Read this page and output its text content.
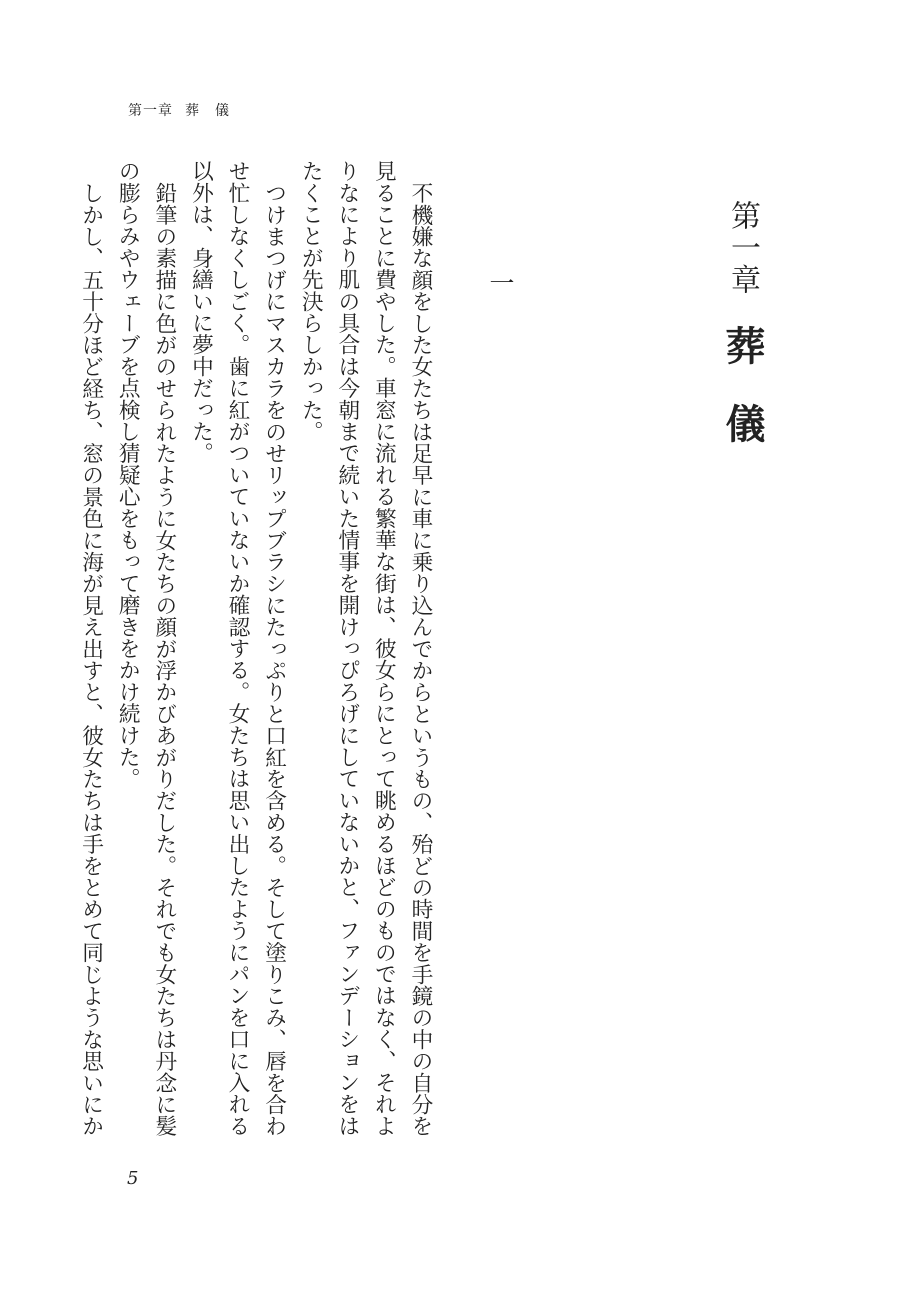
第一章 葬　儀
第一章
葬儀
一

不機嫌な顔をした女たちは足早に車に乗り込んでからというもの、殆どの時間を手鏡の中の自分を見ることに費やした。車窓に流れる繁華な街は、彼女らにとって眺めるほどのものではなく、それよりなにより肌の具合は今朝まで続いた情事を開けっぴろげにしていないかと、ファンデーションをはたくことが先決らしかった。

つけまつげにマスカラをのせリップブラシにたっぷりと口紅を含める。そして塗りこみ、唇を合わせ忙しなくしごく。歯に紅がついていないか確認する。女たちは思い出したようにパンを口に入れる以外は、身繕いに夢中だった。

鉛筆の素描に色がのせられたように女たちの顔が浮かびあがりだした。それでも女たちは丹念に髪の膨らみやウェーブを点検し猜疑心をもって磨きをかけ続けた。

しかし、五十分ほど経ち、窓の景色に海が見え出すと、彼女たちは手をとめて同じような思いにか

5
